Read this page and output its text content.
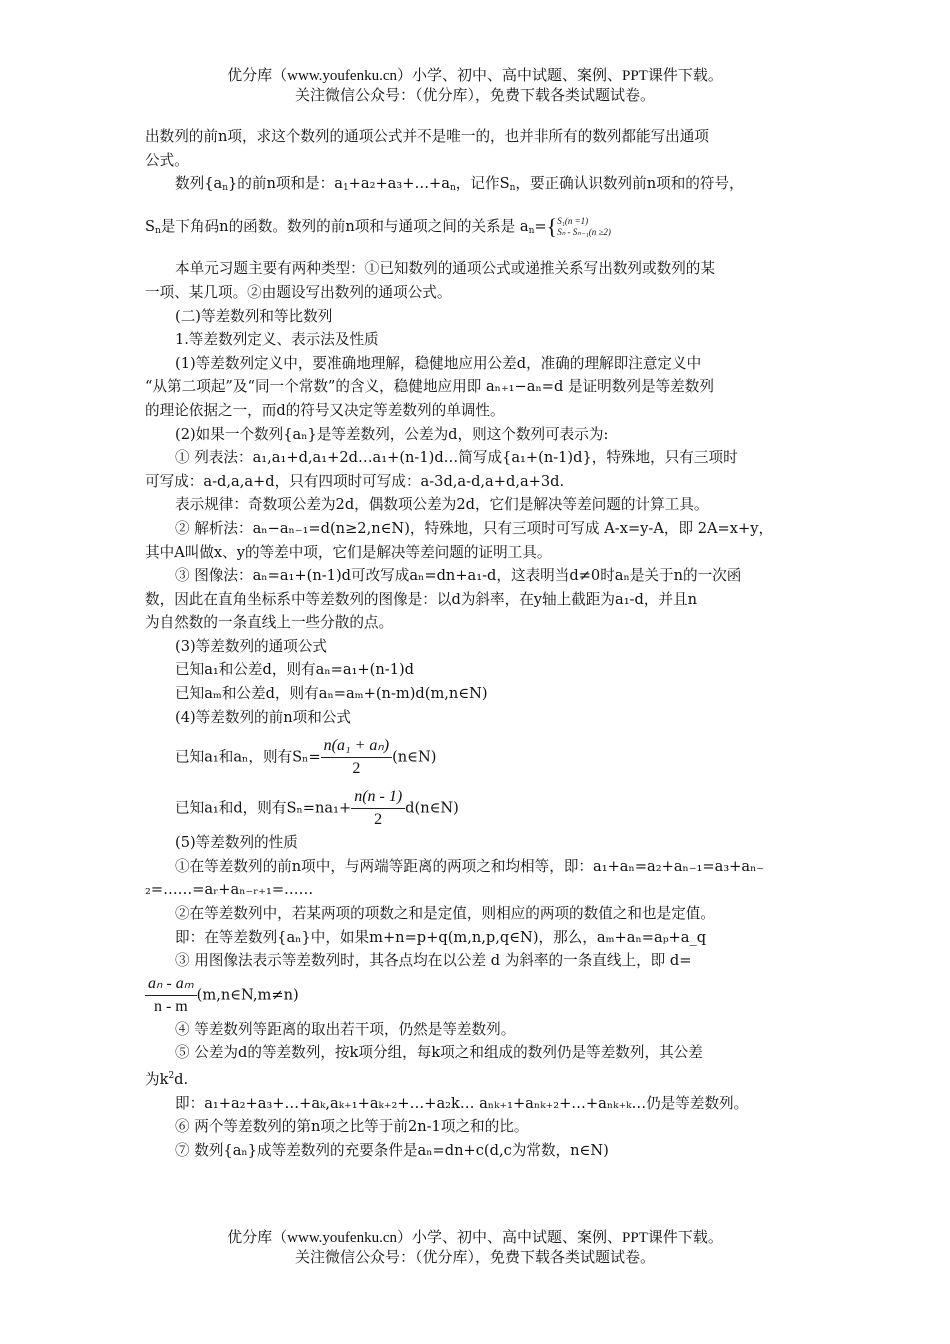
优分库（www.youfenku.cn）小学、初中、高中试题、案例、PPT课件下载。
关注微信公众号：（优分库），免费下载各类试题试卷。

出数列的前n项，求这个数列的通项公式并不是唯一的，也并非所有的数列都能写出通项

公式。

数列$\{a_n\}$的前n项和是：$a_1+a_2+a_3+\dots+a_n$，记作$S_n$，要正确认识数列前n项和的符号，

$S_n$是下角码n的函数。数列的前n项和与通项之间的关系是 $a_n=${ S₁(n =1)
Sₙ - Sₙ₋₁(n ≥2)

本单元习题主要有两种类型：①已知数列的通项公式或递推关系写出数列或数列的某

一项、某几项。②由题设写出数列的通项公式。

(二)等差数列和等比数列

1.等差数列定义、表示法及性质

(1)等差数列定义中，要准确地理解，稳健地应用公差d，准确的理解即注意定义中

“从第二项起”及“同一个常数”的含义，稳健地应用即 aₙ₊₁−aₙ=d 是证明数列是等差数列

的理论依据之一，而d的符号又决定等差数列的单调性。

(2)如果一个数列{aₙ}是等差数列，公差为d，则这个数列可表示为:

① 列表法：a₁,a₁+d,a₁+2d…a₁+(n-1)d…简写成{a₁+(n-1)d}，特殊地，只有三项时

可写成：a-d,a,a+d，只有四项时可写成：a-3d,a-d,a+d,a+3d.

表示规律：奇数项公差为2d，偶数项公差为2d，它们是解决等差问题的计算工具。

② 解析法：aₙ−aₙ₋₁=d(n≥2,n∈N)，特殊地，只有三项时可写成 A-x=y-A，即 2A=x+y，

其中A叫做x、y的等差中项，它们是解决等差问题的证明工具。

③ 图像法：aₙ=a₁+(n-1)d可改写成aₙ=dn+a₁-d，这表明当d≠0时aₙ是关于n的一次函

数，因此在直角坐标系中等差数列的图像是：以d为斜率，在y轴上截距为a₁-d，并且n

为自然数的一条直线上一些分散的点。

(3)等差数列的通项公式

已知a₁和公差d，则有aₙ=a₁+(n-1)d

已知aₘ和公差d，则有aₙ=aₘ+(n-m)d(m,n∈N)

(4)等差数列的前n项和公式

已知a₁和aₙ，则有$S_n= \frac{\text{n(a₁ + aₙ)}}{2}$ (n∈N)

已知a₁和d，则有$S_n=na_1+ \frac{n(n - 1)}{2}$ d(n∈N)

(5)等差数列的性质

①在等差数列的前n项中，与两端等距离的两项之和均相等，即：a₁+aₙ=a₂+aₙ₋₁=a₃+aₙ₋

₂=……=aᵣ+aₙ₋ᵣ₊₁=……

②在等差数列中，若某两项的项数之和是定值，则相应的两项的数值之和也是定值。

即：在等差数列{aₙ}中，如果m+n=p+q(m,n,p,q∈N)，那么，aₘ+aₙ=aₚ+a_q

③ 用图像法表示等差数列时，其各点均在以公差 d 为斜率的一条直线上，即 d=

$\frac{\text{aₙ - aₘ}}{n - m}$ (m,n∈N,m≠n)

④ 等差数列等距离的取出若干项，仍然是等差数列。

⑤ 公差为d的等差数列，按k项分组，每k项之和组成的数列仍是等差数列，其公差

为$k^2d$.

即：a₁+a₂+a₃+…+aₖ,aₖ₊₁+aₖ₊₂+…+a₂k… aₙₖ₊₁+aₙₖ₊₂+…+aₙₖ₊ₖ…仍是等差数列。

⑥ 两个等差数列的第n项之比等于前2n-1项之和的比。

⑦ 数列{aₙ}成等差数列的充要条件是aₙ=dn+c(d,c为常数，n∈N)

优分库（www.youfenku.cn）小学、初中、高中试题、案例、PPT课件下载。
关注微信公众号：（优分库），免费下载各类试题试卷。
